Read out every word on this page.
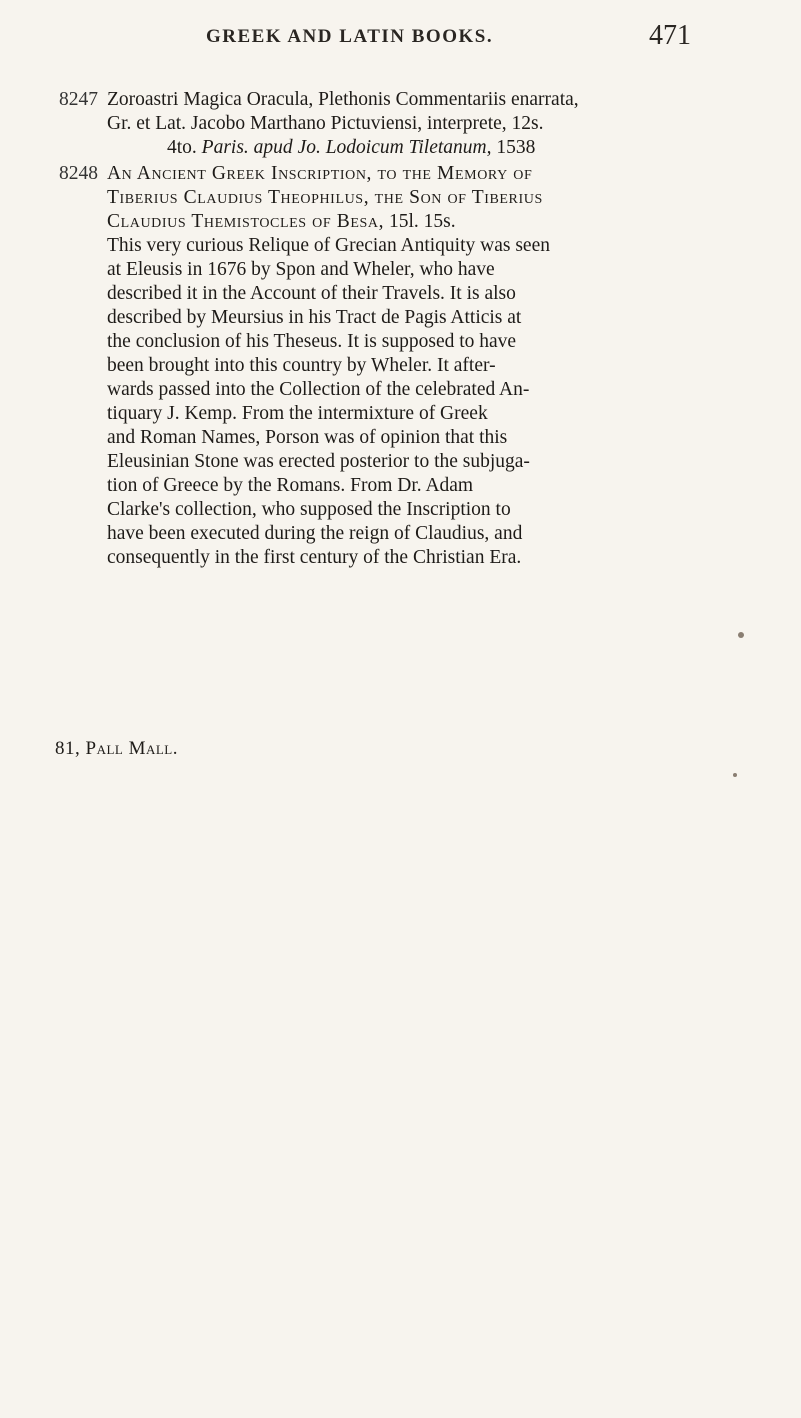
GREEK AND LATIN BOOKS.	471
8247 Zoroastri Magica Oracula, Plethonis Commentariis enarrata,
Gr. et Lat. Jacobo Marthano Pictuviensi, interprete, 12s.
4to. Paris. apud Jo. Lodoicum Tiletanum, 1538
8248 An Ancient Greek Inscription, to the Memory of
Tiberius Claudius Theophilus, the Son of Tiberius
Claudius Themistocles of Besa, 15l. 15s.
This very curious Relique of Grecian Antiquity was seen
at Eleusis in 1676 by Spon and Wheler, who have
described it in the Account of their Travels. It is also
described by Meursius in his Tract de Pagis Atticis at
the conclusion of his Theseus. It is supposed to have
been brought into this country by Wheler. It after-
wards passed into the Collection of the celebrated An-
tiquary J. Kemp. From the intermixture of Greek
and Roman Names, Porson was of opinion that this
Eleusinian Stone was erected posterior to the subjuga-
tion of Greece by the Romans. From Dr. Adam
Clarke's collection, who supposed the Inscription to
have been executed during the reign of Claudius, and
consequently in the first century of the Christian Era.
81, Pall Mall.
